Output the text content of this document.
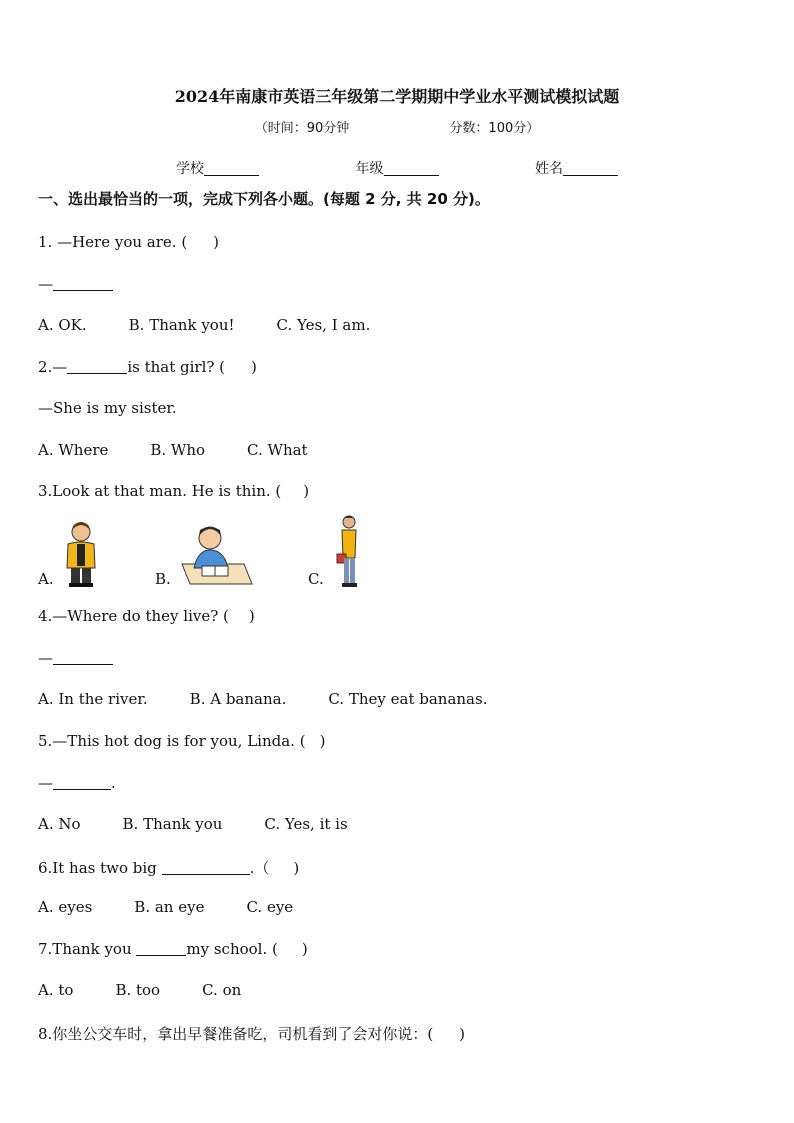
2024年南康市英语三年级第二学期期中学业水平测试模拟试题
（时间：90分钟	分数：100分）
学校	年级	姓名
一、选出最恰当的一项，完成下列各小题。(每题 2 分, 共 20 分)。
1. —Here you are. ( )
—
A. OK.	B. Thank you!	C. Yes, I am.
2.—	is that girl? ( )
—She is my sister.
A. Where	B. Who	C. What
3.Look at that man. He is thin. ( )
A.	B.	C.
4.—Where do they live? ( )
—
A. In the river.	B. A banana.	C. They eat bananas.
5.—This hot dog is for you, Linda. ( )
—	.
A. No	B. Thank you	C. Yes, it is
6.It has two big	.（ )
A. eyes	B. an eye	C. eye
7.Thank you	my school. ( )
A. to	B. too	C. on
8.你坐公交车时，拿出早餐准备吃，司机看到了会对你说：( )
